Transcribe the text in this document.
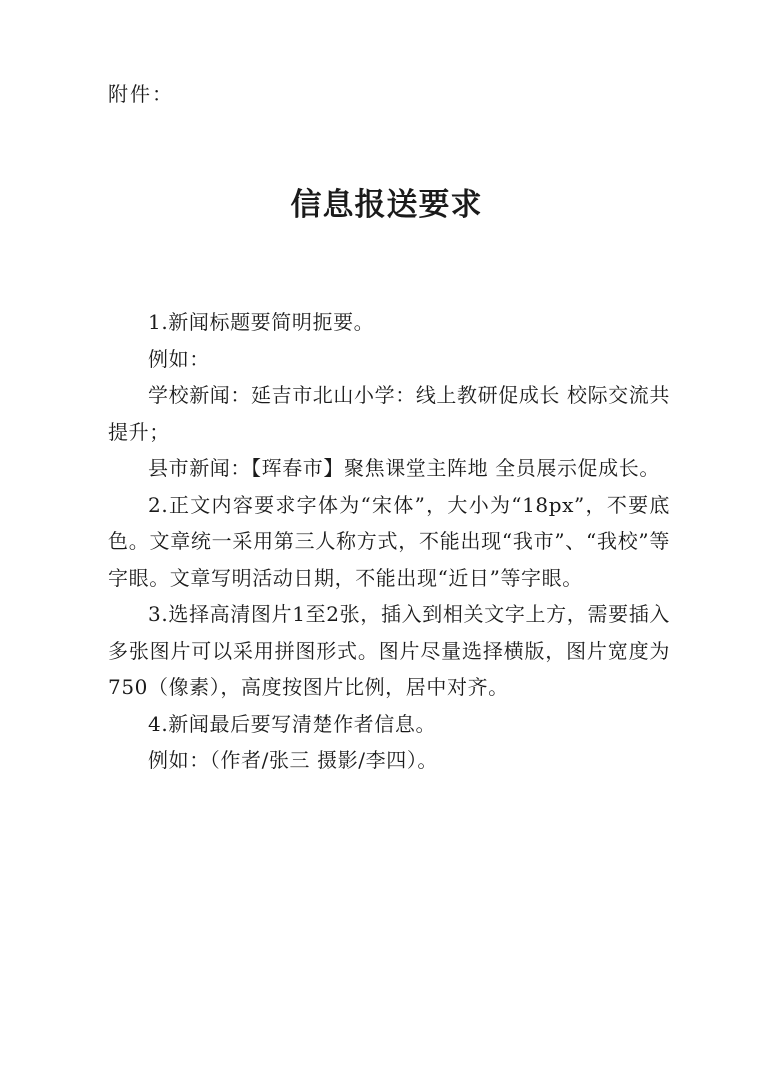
附件：
信息报送要求

1.新闻标题要简明扼要。

例如：

学校新闻：延吉市北山小学：线上教研促成长 校际交流共提升；

县市新闻：【珲春市】聚焦课堂主阵地 全员展示促成长。

2.正文内容要求字体为“宋体”，大小为“18px”，不要底色。文章统一采用第三人称方式，不能出现“我市”、“我校”等字眼。文章写明活动日期，不能出现“近日”等字眼。

3.选择高清图片1至2张，插入到相关文字上方，需要插入多张图片可以采用拼图形式。图片尽量选择横版，图片宽度为750（像素），高度按图片比例，居中对齐。

4.新闻最后要写清楚作者信息。

例如：（作者/张三 摄影/李四）。
